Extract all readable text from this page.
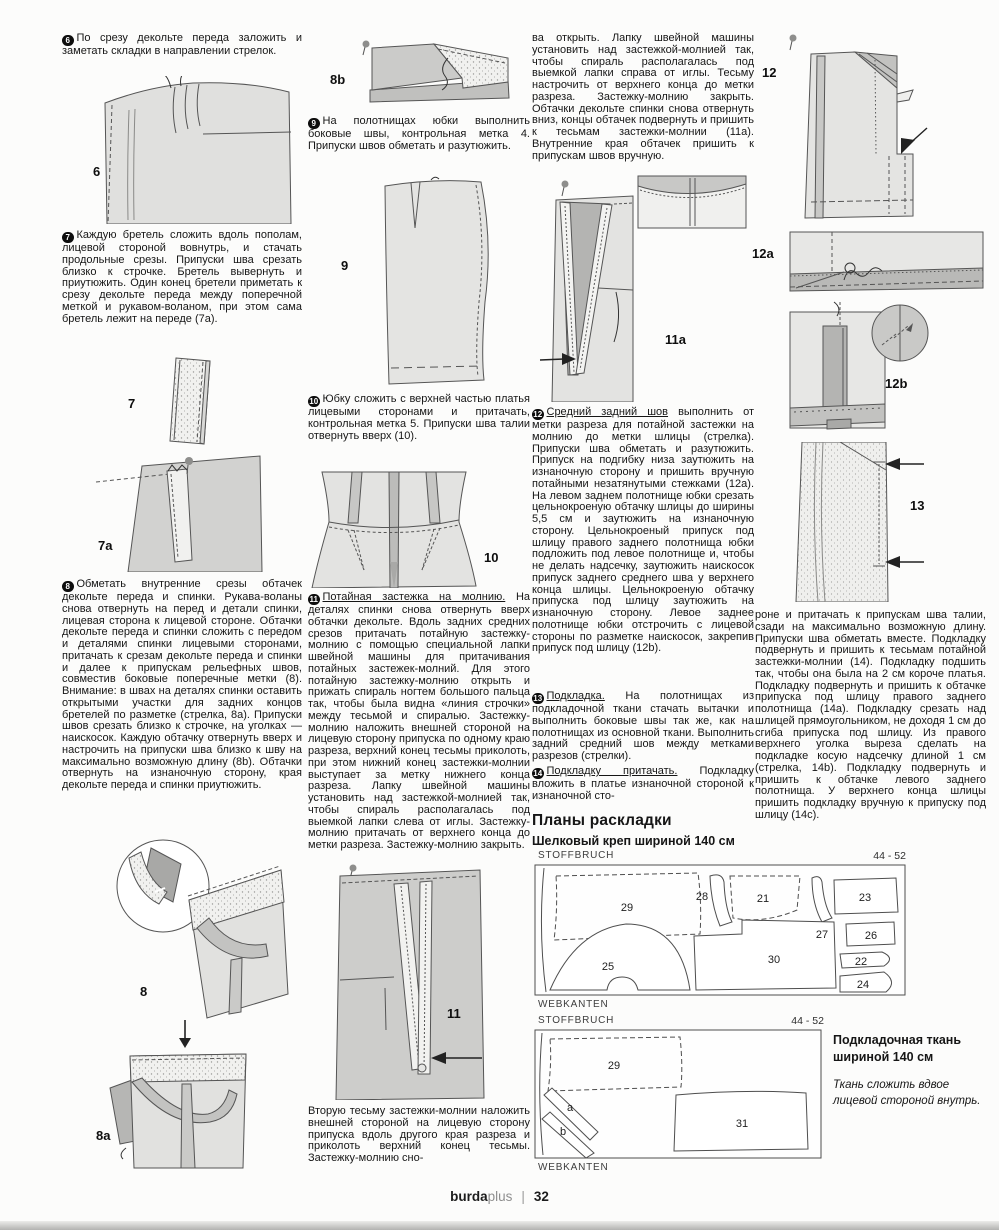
6 По срезу декольте переда заложить и заметать складки в направлении стрелок.

6

7 Каждую бретель сложить вдоль пополам, лицевой стороной вовнутрь, и стачать продольные срезы. Припуски шва срезать близко к строчке. Бретель вывернуть и приутюжить. Один конец бретели приметать к срезу декольте переда между поперечной меткой и рукавом-воланом, при этом сама бретель лежит на переде (7а).

7
7а

8 Обметать внутренние срезы обтачек декольте переда и спинки. Рукава-воланы снова отвернуть на перед и детали спинки, лицевая сторона к лицевой стороне. Обтачки декольте переда и спинки сложить с передом и деталями спинки лицевыми сторонами, притачать к срезам декольте переда и спинки и далее к припускам рельефных швов, совместив боковые поперечные метки (8). Внимание: в швах на деталях спинки оставить открытыми участки для задних концов бретелей по разметке (стрелка, 8а). Припуски швов срезать близко к строчке, на уголках — наискосок. Каждую обтачку отвернуть вверх и настрочить на припуски шва близко к шву на максимально возможную длину (8b). Обтачки отвернуть на изнаночную сторону, края декольте переда и спинки приутюжить.

8
8а
8b

9 На полотнищах юбки выполнить боковые швы, контрольная метка 4. Припуски швов обметать и разутюжить.

9

10 Юбку сложить с верхней частью платья лицевыми сторонами и притачать, контрольная метка 5. Припуски шва талии отвернуть вверх (10).

10

11 Потайная застежка на молнию. На деталях спинки снова отвернуть вверх обтачки декольте. Вдоль задних средних срезов притачать потайную застежку-молнию с помощью специальной лапки швейной машины для притачивания потайных застежек-молний. Для этого потайную застежку-молнию открыть и прижать спираль ногтем большого пальца так, чтобы была видна «линия строчки» между тесьмой и спиралью. Застежку-молнию наложить внешней стороной на лицевую сторону припуска по одному краю разреза, верхний конец тесьмы приколоть, при этом нижний конец застежки-молнии выступает за метку нижнего конца разреза. Лапку швейной машины установить над застежкой-молнией так, чтобы спираль располагалась под выемкой лапки слева от иглы. Застежку-молнию притачать от верхнего конца до метки разреза. Застежку-молнию закрыть.

11

Вторую тесьму застежки-молнии наложить внешней стороной на лицевую сторону припуска вдоль другого края разреза и приколоть верхний конец тесьмы. Застежку-молнию сно-

ва открыть. Лапку швейной машины установить над застежкой-молнией так, чтобы спираль располагалась под выемкой лапки справа от иглы. Тесьму настрочить от верхнего конца до метки разреза. Застежку-молнию закрыть. Обтачки декольте спинки снова отвернуть вниз, концы обтачек подвернуть и пришить к тесьмам застежки-молнии (11а). Внутренние края обтачек пришить к припускам швов вручную.

11а

12 Средний задний шов выполнить от метки разреза для потайной застежки на молнию до метки шлицы (стрелка). Припуски шва обметать и разутюжить. Припуск на подгибку низа заутюжить на изнаночную сторону и пришить вручную потайными незатянутыми стежками (12а). На левом заднем полотнище юбки срезать цельнокроеную обтачку шлицы до ширины 5,5 см и заутюжить на изнаночную сторону. Цельнокроеный припуск под шлицу правого заднего полотнища юбки подложить под левое полотнище и, чтобы не делать надсечку, заутюжить наискосок припуск заднего среднего шва у верхнего конца шлицы. Цельнокроеную обтачку припуска под шлицу заутюжить на изнаночную сторону. Левое заднее полотнище юбки отстрочить с лицевой стороны по разметке наискосок, закрепив припуск под шлицу (12b).

13 Подкладка. На полотнищах из подкладочной ткани стачать вытачки и выполнить боковые швы так же, как на полотнищах из основной ткани. Выполнить задний средний шов между метками разрезов (стрелки).

14 Подкладку притачать. Подкладку вложить в платье изнаночной стороной к изнаночной сто-

Планы раскладки
Шелковый креп шириной 140 см
STOFFBRUCH	44 - 52
29
28	21
27
23
26
22
24
25
30
WEBKANTEN
STOFFBRUCH	44 - 52
29
a
b
31
WEBKANTEN
12
12а
12b
13

роне и притачать к припускам шва талии, сзади на максимально возможную длину. Припуски шва обметать вместе. Подкладку подвернуть и пришить к тесьмам потайной застежки-молнии (14). Подкладку подшить так, чтобы она была на 2 см короче платья. Подкладку подвернуть и пришить к обтачке припуска под шлицу правого заднего полотнища (14а). Подкладку срезать над шлицей прямоугольником, не доходя 1 см до сгиба припуска под шлицу. Из правого верхнего уголка выреза сделать на подкладке косую надсечку длиной 1 см (стрелка, 14b). Подкладку подвернуть и пришить к обтачке левого заднего полотнища. У верхнего конца шлицы пришить подкладку вручную к припуску под шлицу (14с).

Подкладочная ткань
шириной 140 см
Ткань сложить вдвое лицевой стороной внутрь.
burdaplus | 32
